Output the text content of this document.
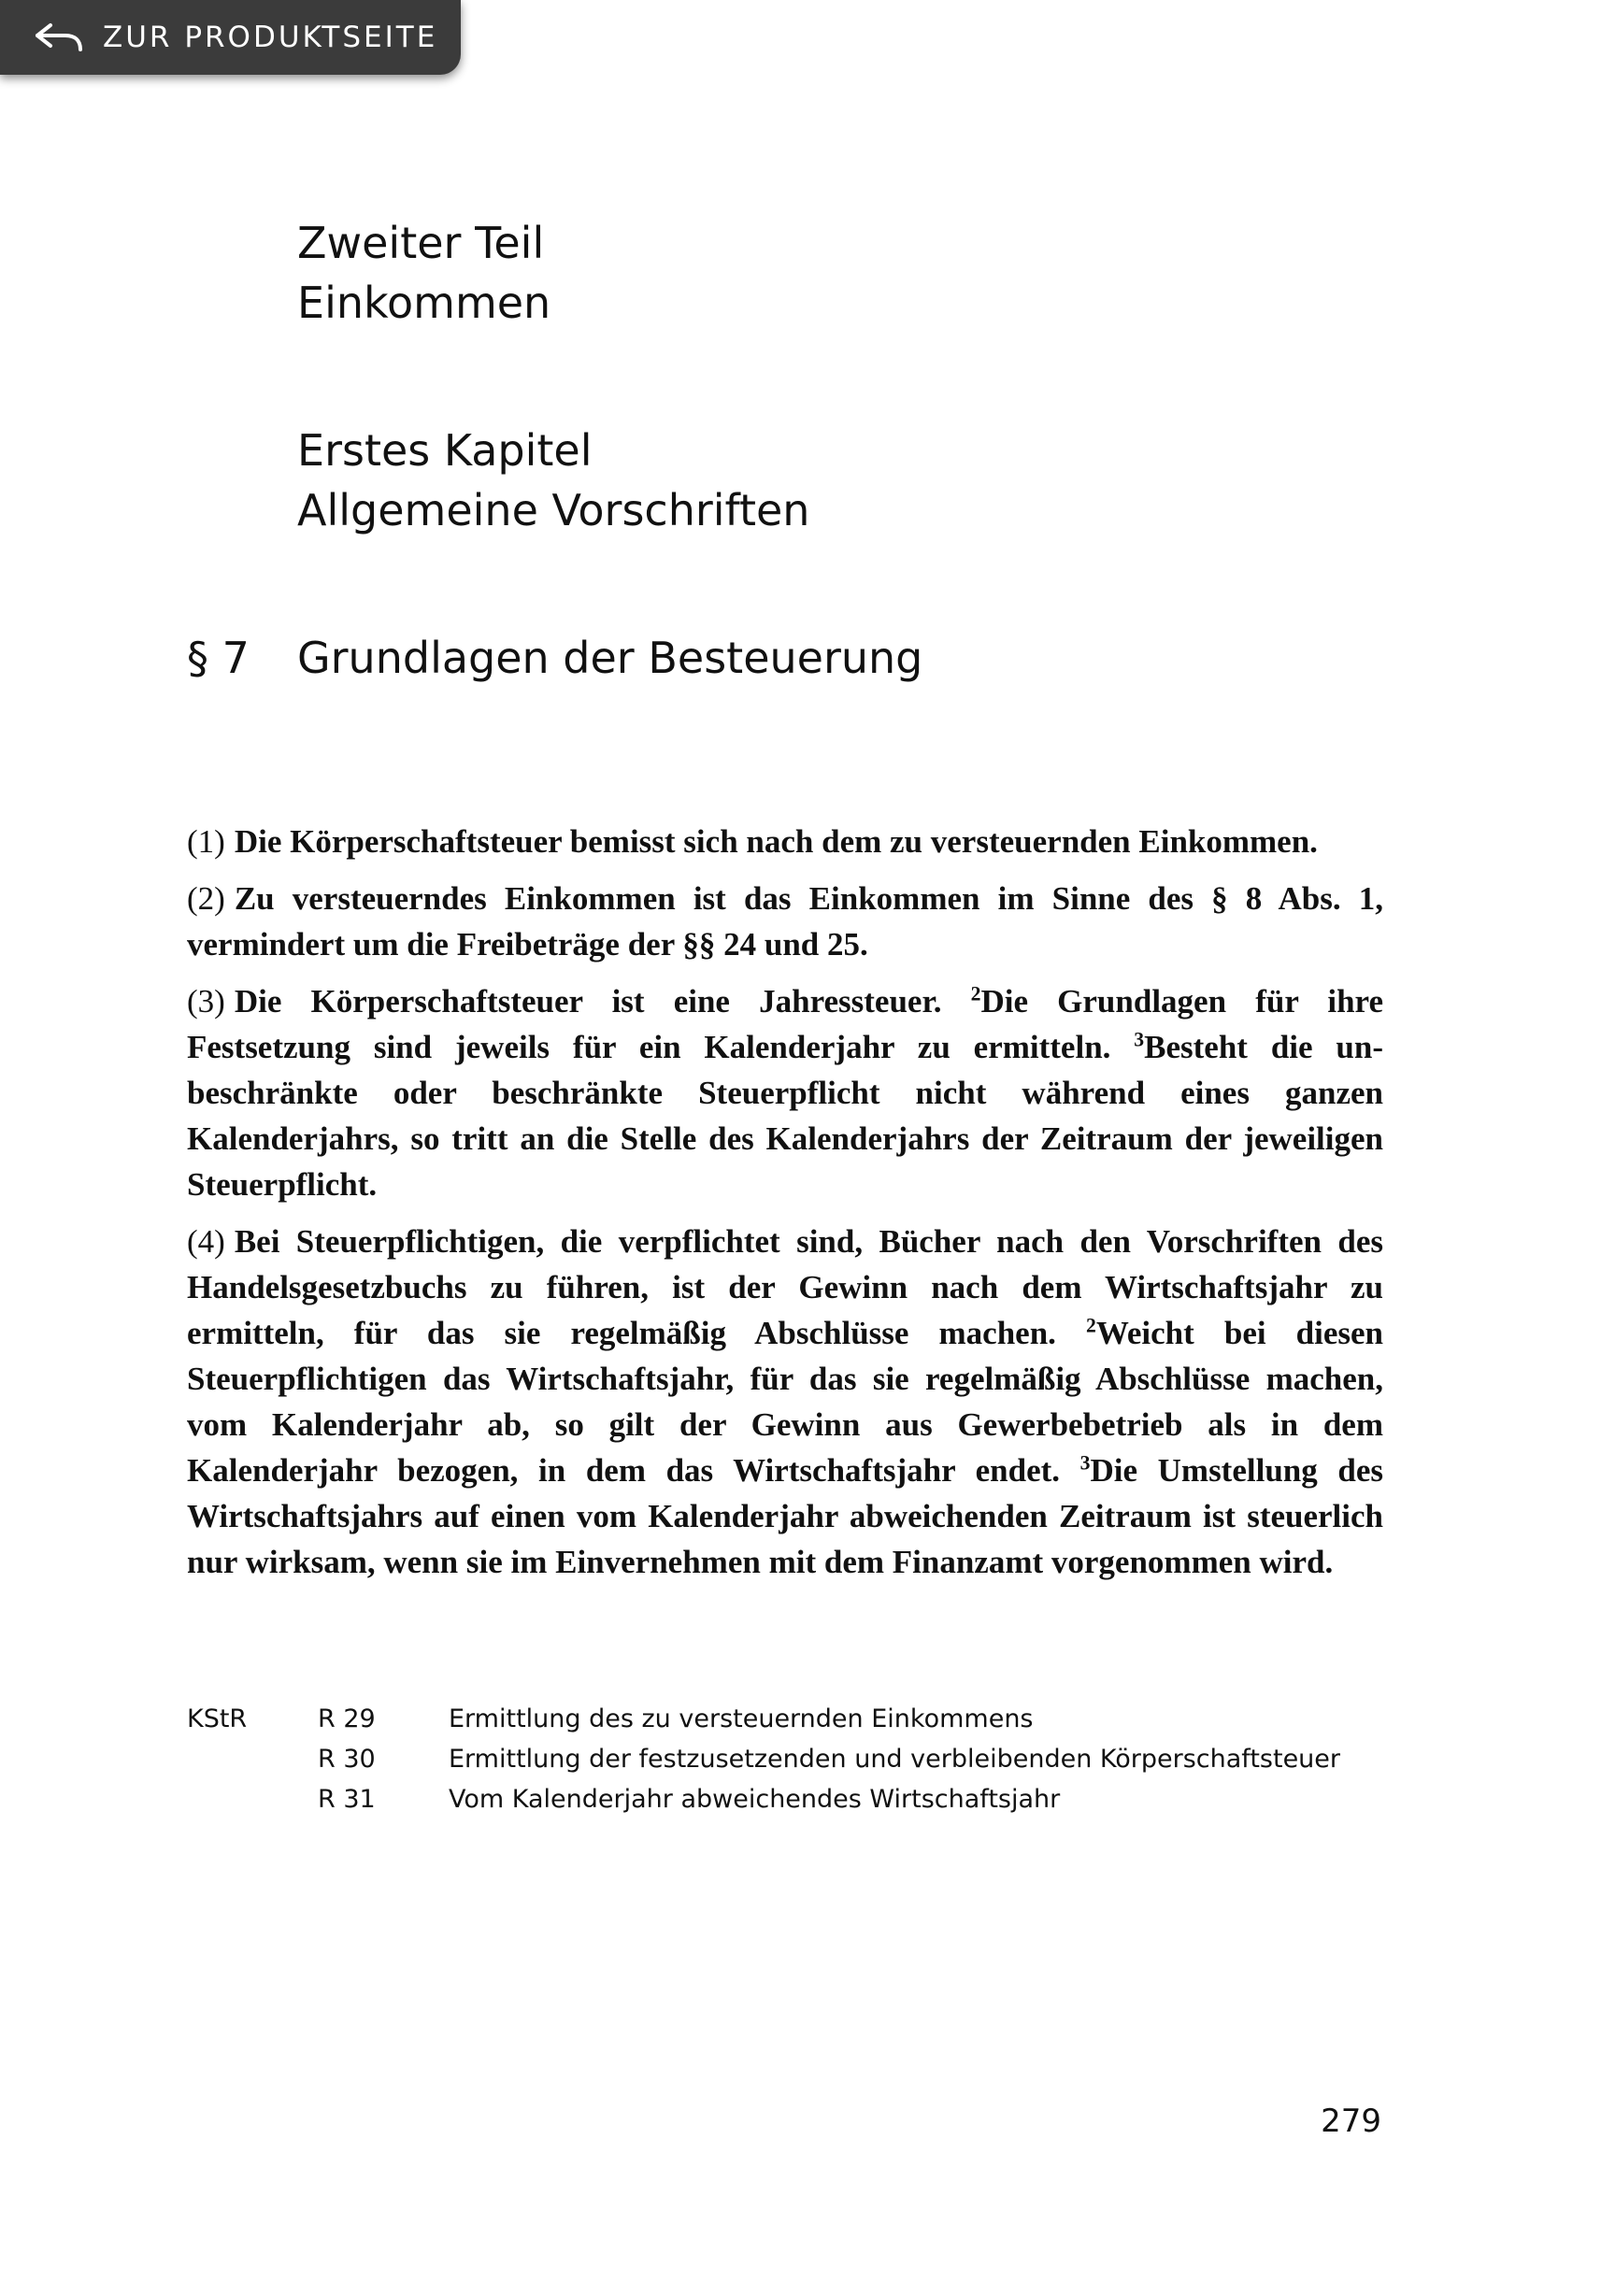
ZUR PRODUKTSEITE
Zweiter Teil
Einkommen
Erstes Kapitel
Allgemeine Vorschriften
§ 7 Grundlagen der Besteuerung

(1) Die Körperschaftsteuer bemisst sich nach dem zu versteuernden Einkommen.

(2) Zu versteuerndes Einkommen ist das Einkommen im Sinne des § 8 Abs. 1, vermindert um die Freibeträge der §§ 24 und 25.

(3) Die Körperschaftsteuer ist eine Jahressteuer. $^2$Die Grundlagen für ihre Festsetzung sind jeweils für ein Kalenderjahr zu ermitteln. $^3$Besteht die unbeschränkte oder beschränkte Steuerpflicht nicht während eines ganzen Kalenderjahrs, so tritt an die Stelle des Kalenderjahrs der Zeitraum der jeweiligen Steuerpflicht.

(4) Bei Steuerpflichtigen, die verpflichtet sind, Bücher nach den Vorschriften des Handelsgesetzbuchs zu führen, ist der Gewinn nach dem Wirtschaftsjahr zu ermitteln, für das sie regelmäßig Abschlüsse machen. $^2$Weicht bei diesen Steuerpflichtigen das Wirtschaftsjahr, für das sie regelmäßig Abschlüsse machen, vom Kalenderjahr ab, so gilt der Gewinn aus Gewerbebetrieb als in dem Kalenderjahr bezogen, in dem das Wirtschaftsjahr endet. $^3$Die Umstellung des Wirtschaftsjahrs auf einen vom Kalenderjahr abweichenden Zeitraum ist steuerlich nur wirksam, wenn sie im Einvernehmen mit dem Finanzamt vorgenommen wird.

KStR	R 29	Ermittlung des zu versteuernden Einkommens
R 30	Ermittlung der festzusetzenden und verbleibenden Körperschaftsteuer
R 31	Vom Kalenderjahr abweichendes Wirtschaftsjahr
279
